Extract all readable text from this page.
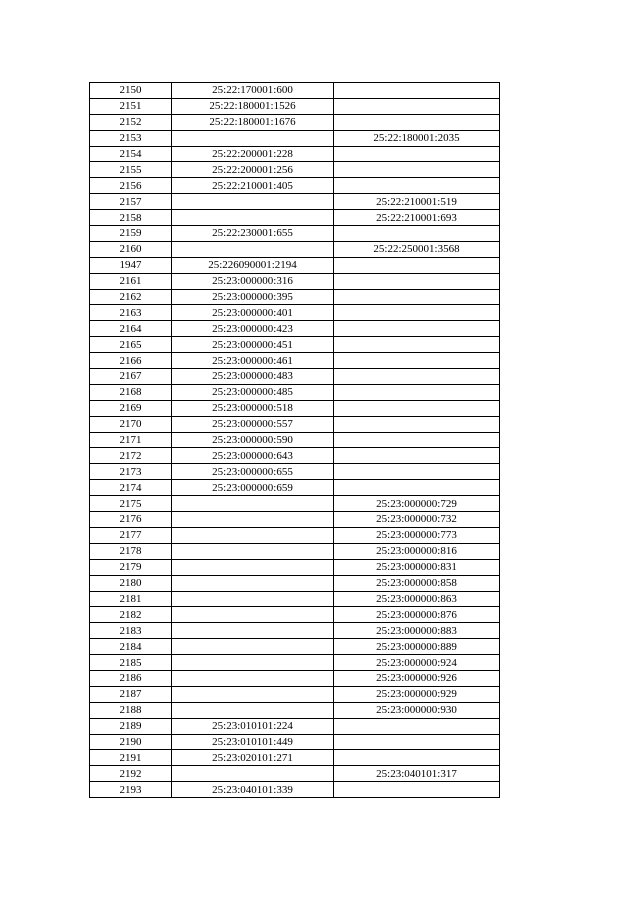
2150	25:22:170001:600	
2151	25:22:180001:1526	
2152	25:22:180001:1676	
2153		25:22:180001:2035
2154	25:22:200001:228	
2155	25:22:200001:256	
2156	25:22:210001:405	
2157		25:22:210001:519
2158		25:22:210001:693
2159	25:22:230001:655	
2160		25:22:250001:3568
1947	25:226090001:2194	
2161	25:23:000000:316	
2162	25:23:000000:395	
2163	25:23:000000:401	
2164	25:23:000000:423	
2165	25:23:000000:451	
2166	25:23:000000:461	
2167	25:23:000000:483	
2168	25:23:000000:485	
2169	25:23:000000:518	
2170	25:23:000000:557	
2171	25:23:000000:590	
2172	25:23:000000:643	
2173	25:23:000000:655	
2174	25:23:000000:659	
2175		25:23:000000:729
2176		25:23:000000:732
2177		25:23:000000:773
2178		25:23:000000:816
2179		25:23:000000:831
2180		25:23:000000:858
2181		25:23:000000:863
2182		25:23:000000:876
2183		25:23:000000:883
2184		25:23:000000:889
2185		25:23:000000:924
2186		25:23:000000:926
2187		25:23:000000:929
2188		25:23:000000:930
2189	25:23:010101:224	
2190	25:23:010101:449	
2191	25:23:020101:271	
2192		25:23:040101:317
2193	25:23:040101:339	
